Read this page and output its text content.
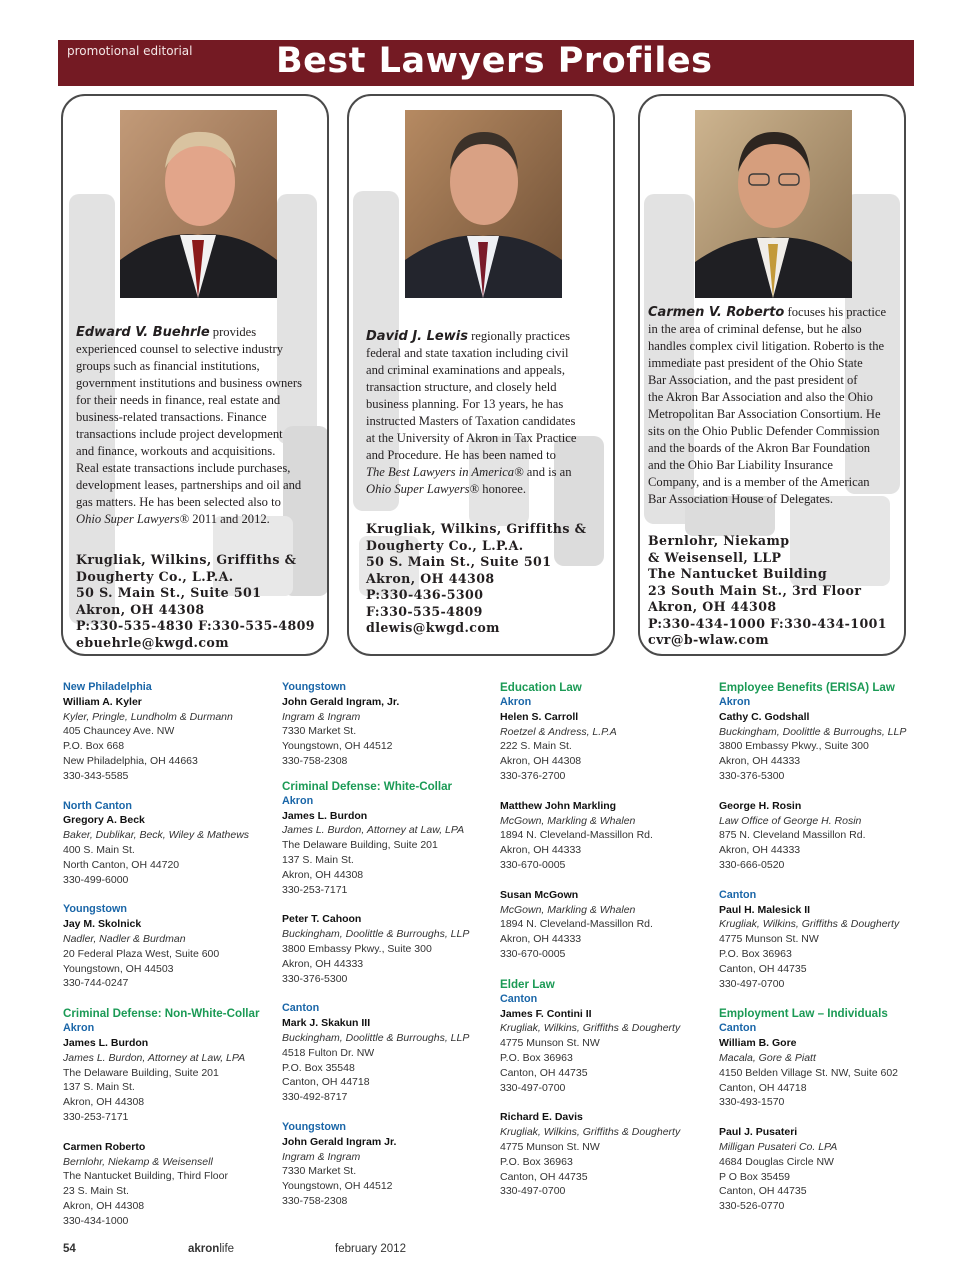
promotional editorial Best Lawyers Profiles
Edward V. Buehrle provides
experienced counsel to selective industry
groups such as financial institutions,
government institutions and business owners
for their needs in finance, real estate and
business-related transactions. Finance
transactions include project development
and finance, workouts and acquisitions.
Real estate transactions include purchases,
development leases, partnerships and oil and
gas matters. He has been selected also to
Ohio Super Lawyers® 2011 and 2012.
Krugliak, Wilkins, Griffiths &
Dougherty Co., L.P.A.
50 S. Main St., Suite 501
Akron, OH 44308
P:330-535-4830 F:330-535-4809
ebuehrle@kwgd.com
David J. Lewis regionally practices
federal and state taxation including civil
and criminal examinations and appeals,
transaction structure, and closely held
business planning. For 13 years, he has
instructed Masters of Taxation candidates
at the University of Akron in Tax Practice
and Procedure. He has been named to
The Best Lawyers in America® and is an
Ohio Super Lawyers® honoree.
Krugliak, Wilkins, Griffiths &
Dougherty Co., L.P.A.
50 S. Main St., Suite 501
Akron, OH 44308
P:330-436-5300
F:330-535-4809
dlewis@kwgd.com
Carmen V. Roberto focuses his practice
in the area of criminal defense, but he also
handles complex civil litigation. Roberto is the
immediate past president of the Ohio State
Bar Association, and the past president of
the Akron Bar Association and also the Ohio
Metropolitan Bar Association Consortium. He
sits on the Ohio Public Defender Commission
and the boards of the Akron Bar Foundation
and the Ohio Bar Liability Insurance
Company, and is a member of the American
Bar Association House of Delegates.
Bernlohr, Niekamp
& Weisensell, LLP
The Nantucket Building
23 South Main St., 3rd Floor
Akron, OH 44308
P:330-434-1000 F:330-434-1001
cvr@b-wlaw.com
New Philadelphia
William A. Kyler
Kyler, Pringle, Lundholm & Durmann
405 Chauncey Ave. NW
P.O. Box 668
New Philadelphia, OH 44663
330-343-5585
North Canton
Gregory A. Beck
Baker, Dublikar, Beck, Wiley & Mathews
400 S. Main St.
North Canton, OH 44720
330-499-6000
Youngstown
Jay M. Skolnick
Nadler, Nadler & Burdman
20 Federal Plaza West, Suite 600
Youngstown, OH 44503
330-744-0247
Criminal Defense: Non-White-Collar
Akron
James L. Burdon
James L. Burdon, Attorney at Law, LPA
The Delaware Building, Suite 201
137 S. Main St.
Akron, OH 44308
330-253-7171
Carmen Roberto
Bernlohr, Niekamp & Weisensell
The Nantucket Building, Third Floor
23 S. Main St.
Akron, OH 44308
330-434-1000
Youngstown
John Gerald Ingram, Jr.
Ingram & Ingram
7330 Market St.
Youngstown, OH 44512
330-758-2308
Criminal Defense: White-Collar
Akron
James L. Burdon
James L. Burdon, Attorney at Law, LPA
The Delaware Building, Suite 201
137 S. Main St.
Akron, OH 44308
330-253-7171
Peter T. Cahoon
Buckingham, Doolittle & Burroughs, LLP
3800 Embassy Pkwy., Suite 300
Akron, OH 44333
330-376-5300
Canton
Mark J. Skakun III
Buckingham, Doolittle & Burroughs, LLP
4518 Fulton Dr. NW
P.O. Box 35548
Canton, OH 44718
330-492-8717
Youngstown
John Gerald Ingram Jr.
Ingram & Ingram
7330 Market St.
Youngstown, OH 44512
330-758-2308
Education Law
Akron
Helen S. Carroll
Roetzel & Andress, L.P.A
222 S. Main St.
Akron, OH 44308
330-376-2700
Matthew John Markling
McGown, Markling & Whalen
1894 N. Cleveland-Massillon Rd.
Akron, OH 44333
330-670-0005
Susan McGown
McGown, Markling & Whalen
1894 N. Cleveland-Massillon Rd.
Akron, OH 44333
330-670-0005
Elder Law
Canton
James F. Contini II
Krugliak, Wilkins, Griffiths & Dougherty
4775 Munson St. NW
P.O. Box 36963
Canton, OH 44735
330-497-0700
Richard E. Davis
Krugliak, Wilkins, Griffiths & Dougherty
4775 Munson St. NW
P.O. Box 36963
Canton, OH 44735
330-497-0700
Employee Benefits (ERISA) Law
Akron
Cathy C. Godshall
Buckingham, Doolittle & Burroughs, LLP
3800 Embassy Pkwy., Suite 300
Akron, OH 44333
330-376-5300
George H. Rosin
Law Office of George H. Rosin
875 N. Cleveland Massillon Rd.
Akron, OH 44333
330-666-0520
Canton
Paul H. Malesick II
Krugliak, Wilkins, Griffiths & Dougherty
4775 Munson St. NW
P.O. Box 36963
Canton, OH 44735
330-497-0700
Employment Law – Individuals
Canton
William B. Gore
Macala, Gore & Piatt
4150 Belden Village St. NW, Suite 602
Canton, OH 44718
330-493-1570
Paul J. Pusateri
Milligan Pusateri Co. LPA
4684 Douglas Circle NW
P O Box 35459
Canton, OH 44735
330-526-0770
54	akronlife	february 2012
